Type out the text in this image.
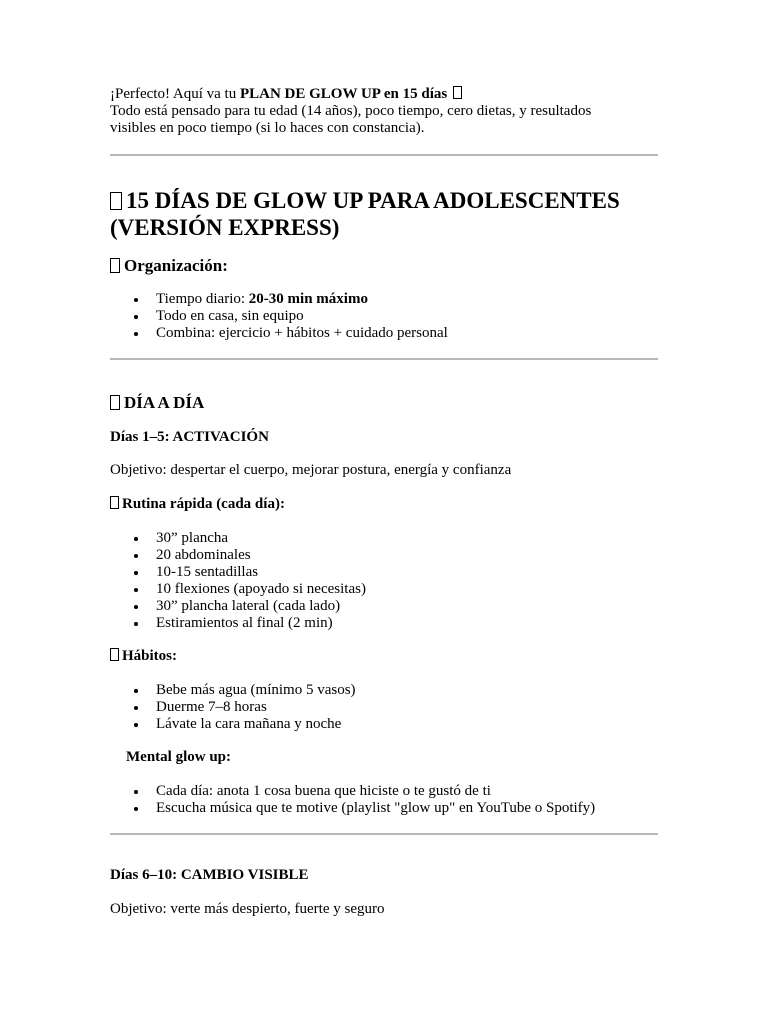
¡Perfecto! Aquí va tu PLAN DE GLOW UP en 15 días

Todo está pensado para tu edad (14 años), poco tiempo, cero dietas, y resultados

visibles en poco tiempo (si lo haces con constancia).

15 DÍAS DE GLOW UP PARA ADOLESCENTES
(VERSIÓN EXPRESS)
Organización:
Tiempo diario: 20-30 min máximo
Todo en casa, sin equipo
Combina: ejercicio + hábitos + cuidado personal
DÍA A DÍA
Días 1–5: ACTIVACIÓN

Objetivo: despertar el cuerpo, mejorar postura, energía y confianza

Rutina rápida (cada día):
30” plancha
20 abdominales
10-15 sentadillas
10 flexiones (apoyado si necesitas)
30” plancha lateral (cada lado)
Estiramientos al final (2 min)
Hábitos:
Bebe más agua (mínimo 5 vasos)
Duerme 7–8 horas
Lávate la cara mañana y noche
Mental glow up:
Cada día: anota 1 cosa buena que hiciste o te gustó de ti
Escucha música que te motive (playlist "glow up" en YouTube o Spotify)
Días 6–10: CAMBIO VISIBLE

Objetivo: verte más despierto, fuerte y seguro
